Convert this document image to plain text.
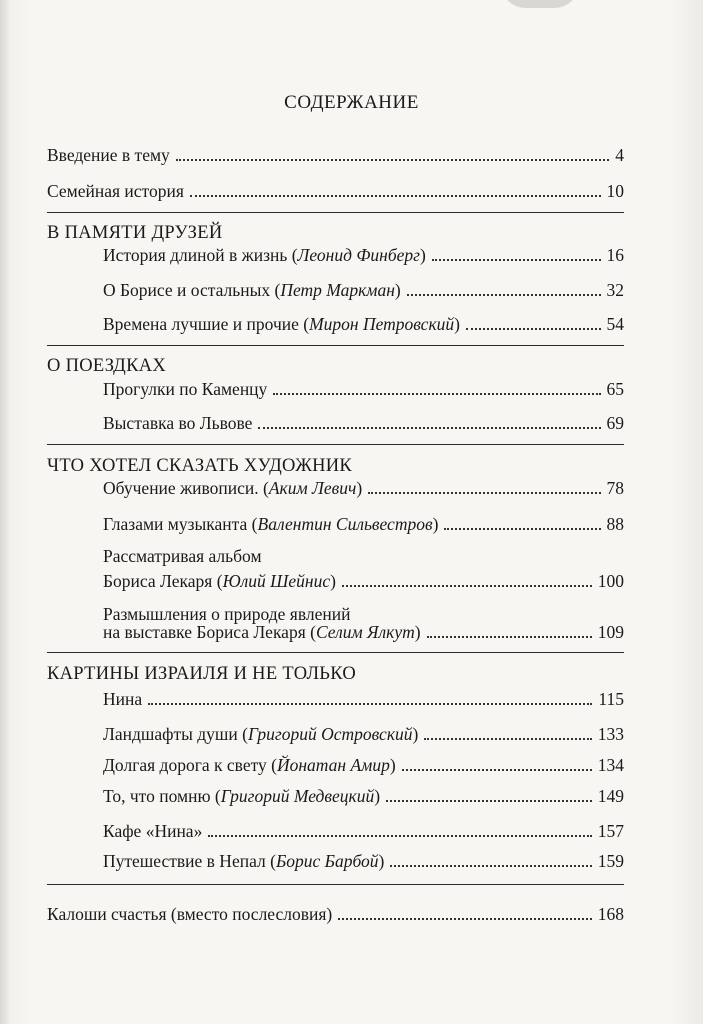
СОДЕРЖАНИЕ
Введение в тему	4
Семейная история	10
В ПАМЯТИ ДРУЗЕЙ
История длиной в жизнь ( Леонид Финберг )	16
О Борисе и остальных ( Петр Маркман )	32
Времена лучшие и прочие ( Мирон Петровский )	54
О ПОЕЗДКАХ
Прогулки по Каменцу	65
Выставка во Львове	69
ЧТО ХОТЕЛ СКАЗАТЬ ХУДОЖНИК
Обучение живописи. ( Аким Левич )	78
Глазами музыканта ( Валентин Сильвестров )	88
Рассматривая альбом
Бориса Лекаря ( Юлий Шейнис )	100
Размышления о природе явлений
на выставке Бориса Лекаря ( Селим Ялкут )	109
КАРТИНЫ ИЗРАИЛЯ И НЕ ТОЛЬКО
Нина	115
Ландшафты души ( Григорий Островский )	133
Долгая дорога к свету ( Йонатан Амир )	134
То, что помню ( Григорий Медвецкий )	149
Кафе «Нина»	157
Путешествие в Непал ( Борис Барбой )	159
Калоши счастья (вместо послесловия)	168
